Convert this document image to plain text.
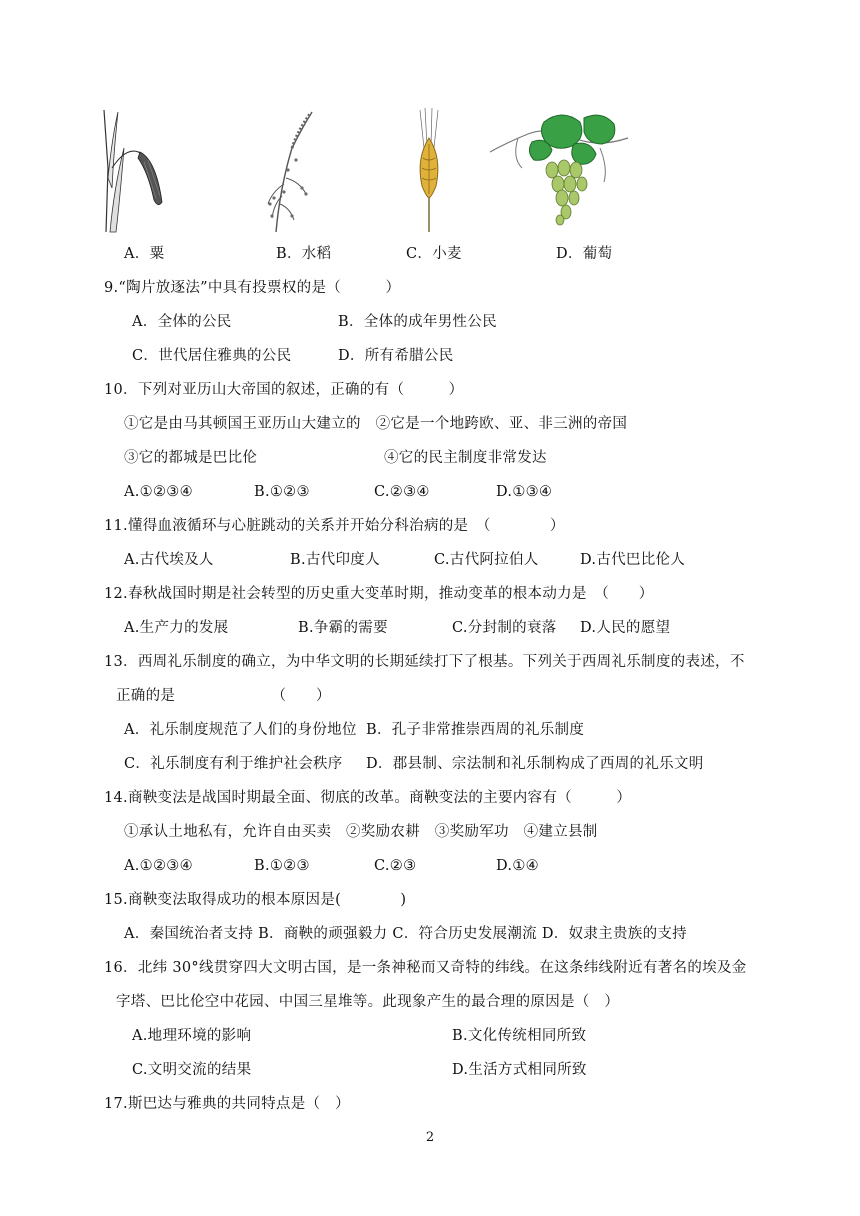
A．粟	B．水稻	C．小麦	D．葡萄
9.“陶片放逐法”中具有投票权的是（　　　）
A．全体的公民	B．全体的成年男性公民
C．世代居住雅典的公民	D．所有希腊公民
10．下列对亚历山大帝国的叙述，正确的有（　　　）
①它是由马其顿国王亚历山大建立的　②它是一个地跨欧、亚、非三洲的帝国
③它的都城是巴比伦	④它的民主制度非常发达
A.①②③④	B.①②③	C.②③④	D.①③④
11.懂得血液循环与心脏跳动的关系并开始分科治病的是　（　　　　）
A.古代埃及人	B.古代印度人	C.古代阿拉伯人	D.古代巴比伦人
12.春秋战国时期是社会转型的历史重大变革时期，推动变革的根本动力是　（　　）
A.生产力的发展	B.争霸的需要	C.分封制的衰落 D.人民的愿望
13．西周礼乐制度的确立，为中华文明的长期延续打下了根基。下列关于西周礼乐制度的表述，不
正确的是　　　　　　　（　　）
A．礼乐制度规范了人们的身份地位 B．孔子非常推崇西周的礼乐制度
C．礼乐制度有利于维护社会秩序 D．郡县制、宗法制和礼乐制构成了西周的礼乐文明
14.商鞅变法是战国时期最全面、彻底的改革。商鞅变法的主要内容有（　　　）
①承认土地私有，允许自由买卖　②奖励农耕　③奖励军功　④建立县制
A.①②③④	B.①②③	C.②③	D.①④
15.商鞅变法取得成功的根本原因是(　　　　)
A．秦国统治者支持 B．商鞅的顽强毅力 C．符合历史发展潮流 D．奴隶主贵族的支持
16．北纬 30°线贯穿四大文明古国，是一条神秘而又奇特的纬线。在这条纬线附近有著名的埃及金
字塔、巴比伦空中花园、中国三星堆等。此现象产生的最合理的原因是（　）
A.地理环境的影响	B.文化传统相同所致
C.文明交流的结果	D.生活方式相同所致
17.斯巴达与雅典的共同特点是（　）
2
